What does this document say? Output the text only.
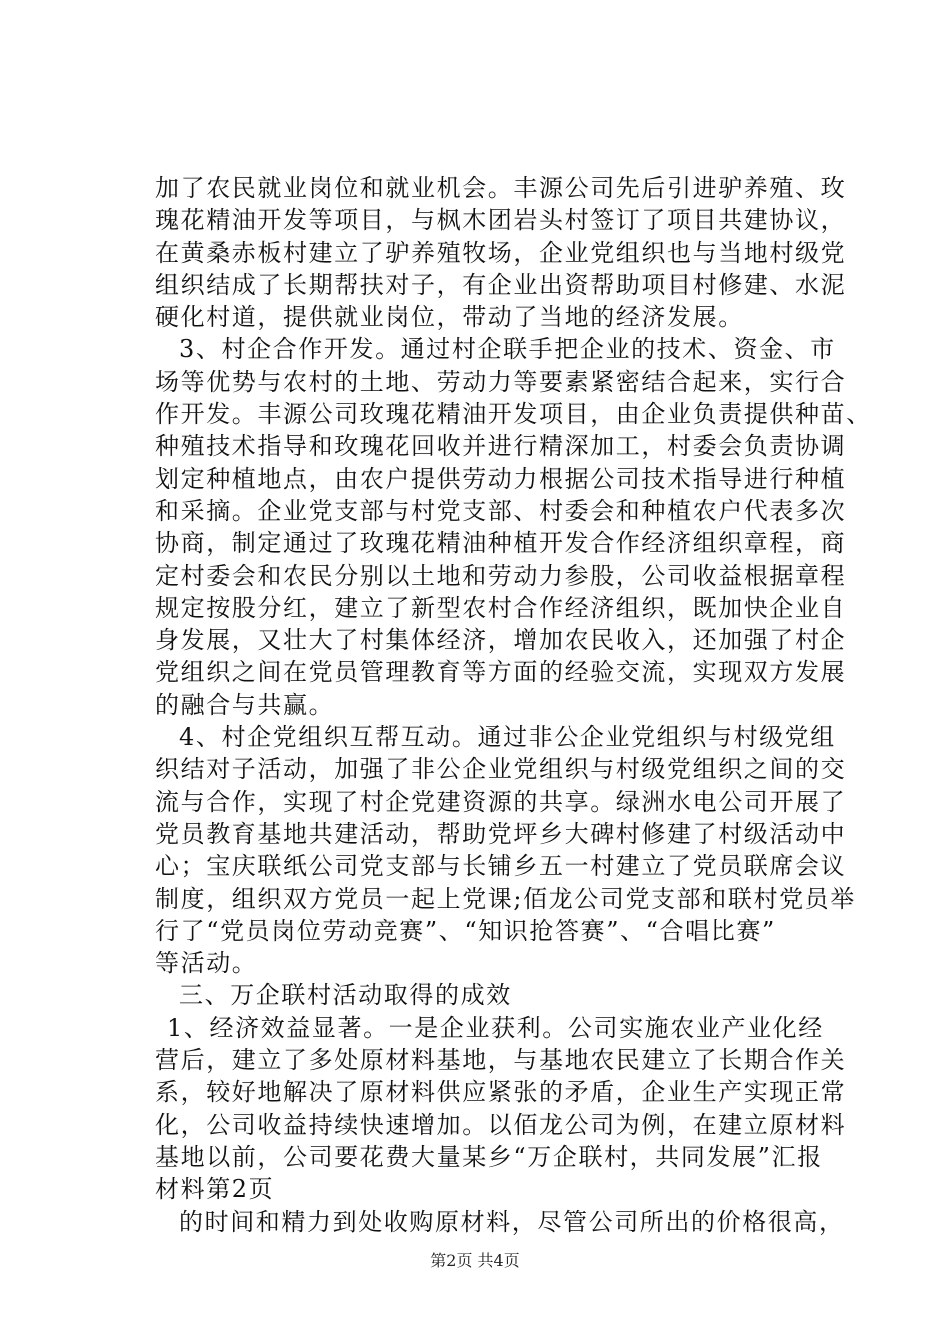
加了农民就业岗位和就业机会。丰源公司先后引进驴养殖、玫
瑰花精油开发等项目，与枫木团岩头村签订了项目共建协议，
在黄桑赤板村建立了驴养殖牧场，企业党组织也与当地村级党
组织结成了长期帮扶对子，有企业出资帮助项目村修建、水泥
硬化村道，提供就业岗位，带动了当地的经济发展。
3、村企合作开发。通过村企联手把企业的技术、资金、市
场等优势与农村的土地、劳动力等要素紧密结合起来，实行合
作开发。丰源公司玫瑰花精油开发项目，由企业负责提供种苗、
种殖技术指导和玫瑰花回收并进行精深加工，村委会负责协调
划定种植地点，由农户提供劳动力根据公司技术指导进行种植
和采摘。企业党支部与村党支部、村委会和种植农户代表多次
协商，制定通过了玫瑰花精油种植开发合作经济组织章程，商
定村委会和农民分别以土地和劳动力参股，公司收益根据章程
规定按股分红，建立了新型农村合作经济组织，既加快企业自
身发展，又壮大了村集体经济，增加农民收入，还加强了村企
党组织之间在党员管理教育等方面的经验交流，实现双方发展
的融合与共赢。
4、村企党组织互帮互动。通过非公企业党组织与村级党组
织结对子活动，加强了非公企业党组织与村级党组织之间的交
流与合作，实现了村企党建资源的共享。绿洲水电公司开展了
党员教育基地共建活动，帮助党坪乡大碑村修建了村级活动中
心；宝庆联纸公司党支部与长铺乡五一村建立了党员联席会议
制度，组织双方党员一起上党课;佰龙公司党支部和联村党员举
行了“党员岗位劳动竞赛”、“知识抢答赛”、“合唱比赛”
等活动。
三、万企联村活动取得的成效
1、经济效益显著。一是企业获利。公司实施农业产业化经
营后，建立了多处原材料基地，与基地农民建立了长期合作关
系，较好地解决了原材料供应紧张的矛盾，企业生产实现正常
化，公司收益持续快速增加。以佰龙公司为例，在建立原材料
基地以前，公司要花费大量某乡“万企联村，共同发展”汇报
材料第2页
的时间和精力到处收购原材料，尽管公司所出的价格很高，
第2页 共4页
